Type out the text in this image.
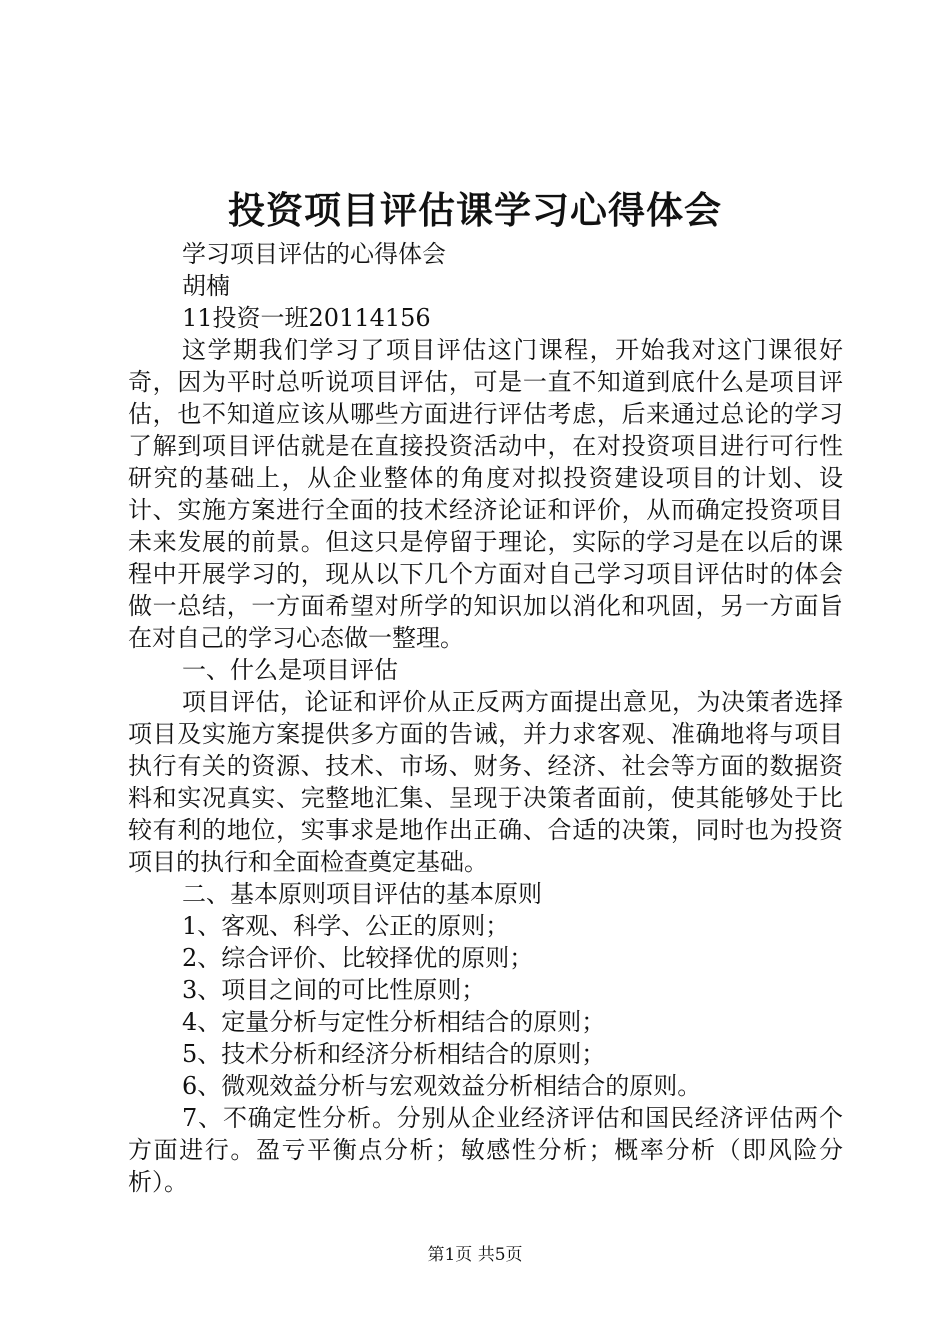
投资项目评估课学习心得体会

学习项目评估的心得体会

胡楠

11投资一班20114156

这学期我们学习了项目评估这门课程，开始我对这门课很好奇，因为平时总听说项目评估，可是一直不知道到底什么是项目评估，也不知道应该从哪些方面进行评估考虑，后来通过总论的学习了解到项目评估就是在直接投资活动中，在对投资项目进行可行性研究的基础上，从企业整体的角度对拟投资建设项目的计划、设计、实施方案进行全面的技术经济论证和评价，从而确定投资项目未来发展的前景。但这只是停留于理论，实际的学习是在以后的课程中开展学习的，现从以下几个方面对自己学习项目评估时的体会做一总结，一方面希望对所学的知识加以消化和巩固，另一方面旨在对自己的学习心态做一整理。

一、什么是项目评估

项目评估，论证和评价从正反两方面提出意见，为决策者选择项目及实施方案提供多方面的告诫，并力求客观、准确地将与项目执行有关的资源、技术、市场、财务、经济、社会等方面的数据资料和实况真实、完整地汇集、呈现于决策者面前，使其能够处于比较有利的地位，实事求是地作出正确、合适的决策，同时也为投资项目的执行和全面检查奠定基础。

二、基本原则项目评估的基本原则

1、客观、科学、公正的原则；

2、综合评价、比较择优的原则；

3、项目之间的可比性原则；

4、定量分析与定性分析相结合的原则；

5、技术分析和经济分析相结合的原则；

6、微观效益分析与宏观效益分析相结合的原则。

7、不确定性分析。分别从企业经济评估和国民经济评估两个方面进行。盈亏平衡点分析；敏感性分析；概率分析（即风险分析）。

第1页 共5页
